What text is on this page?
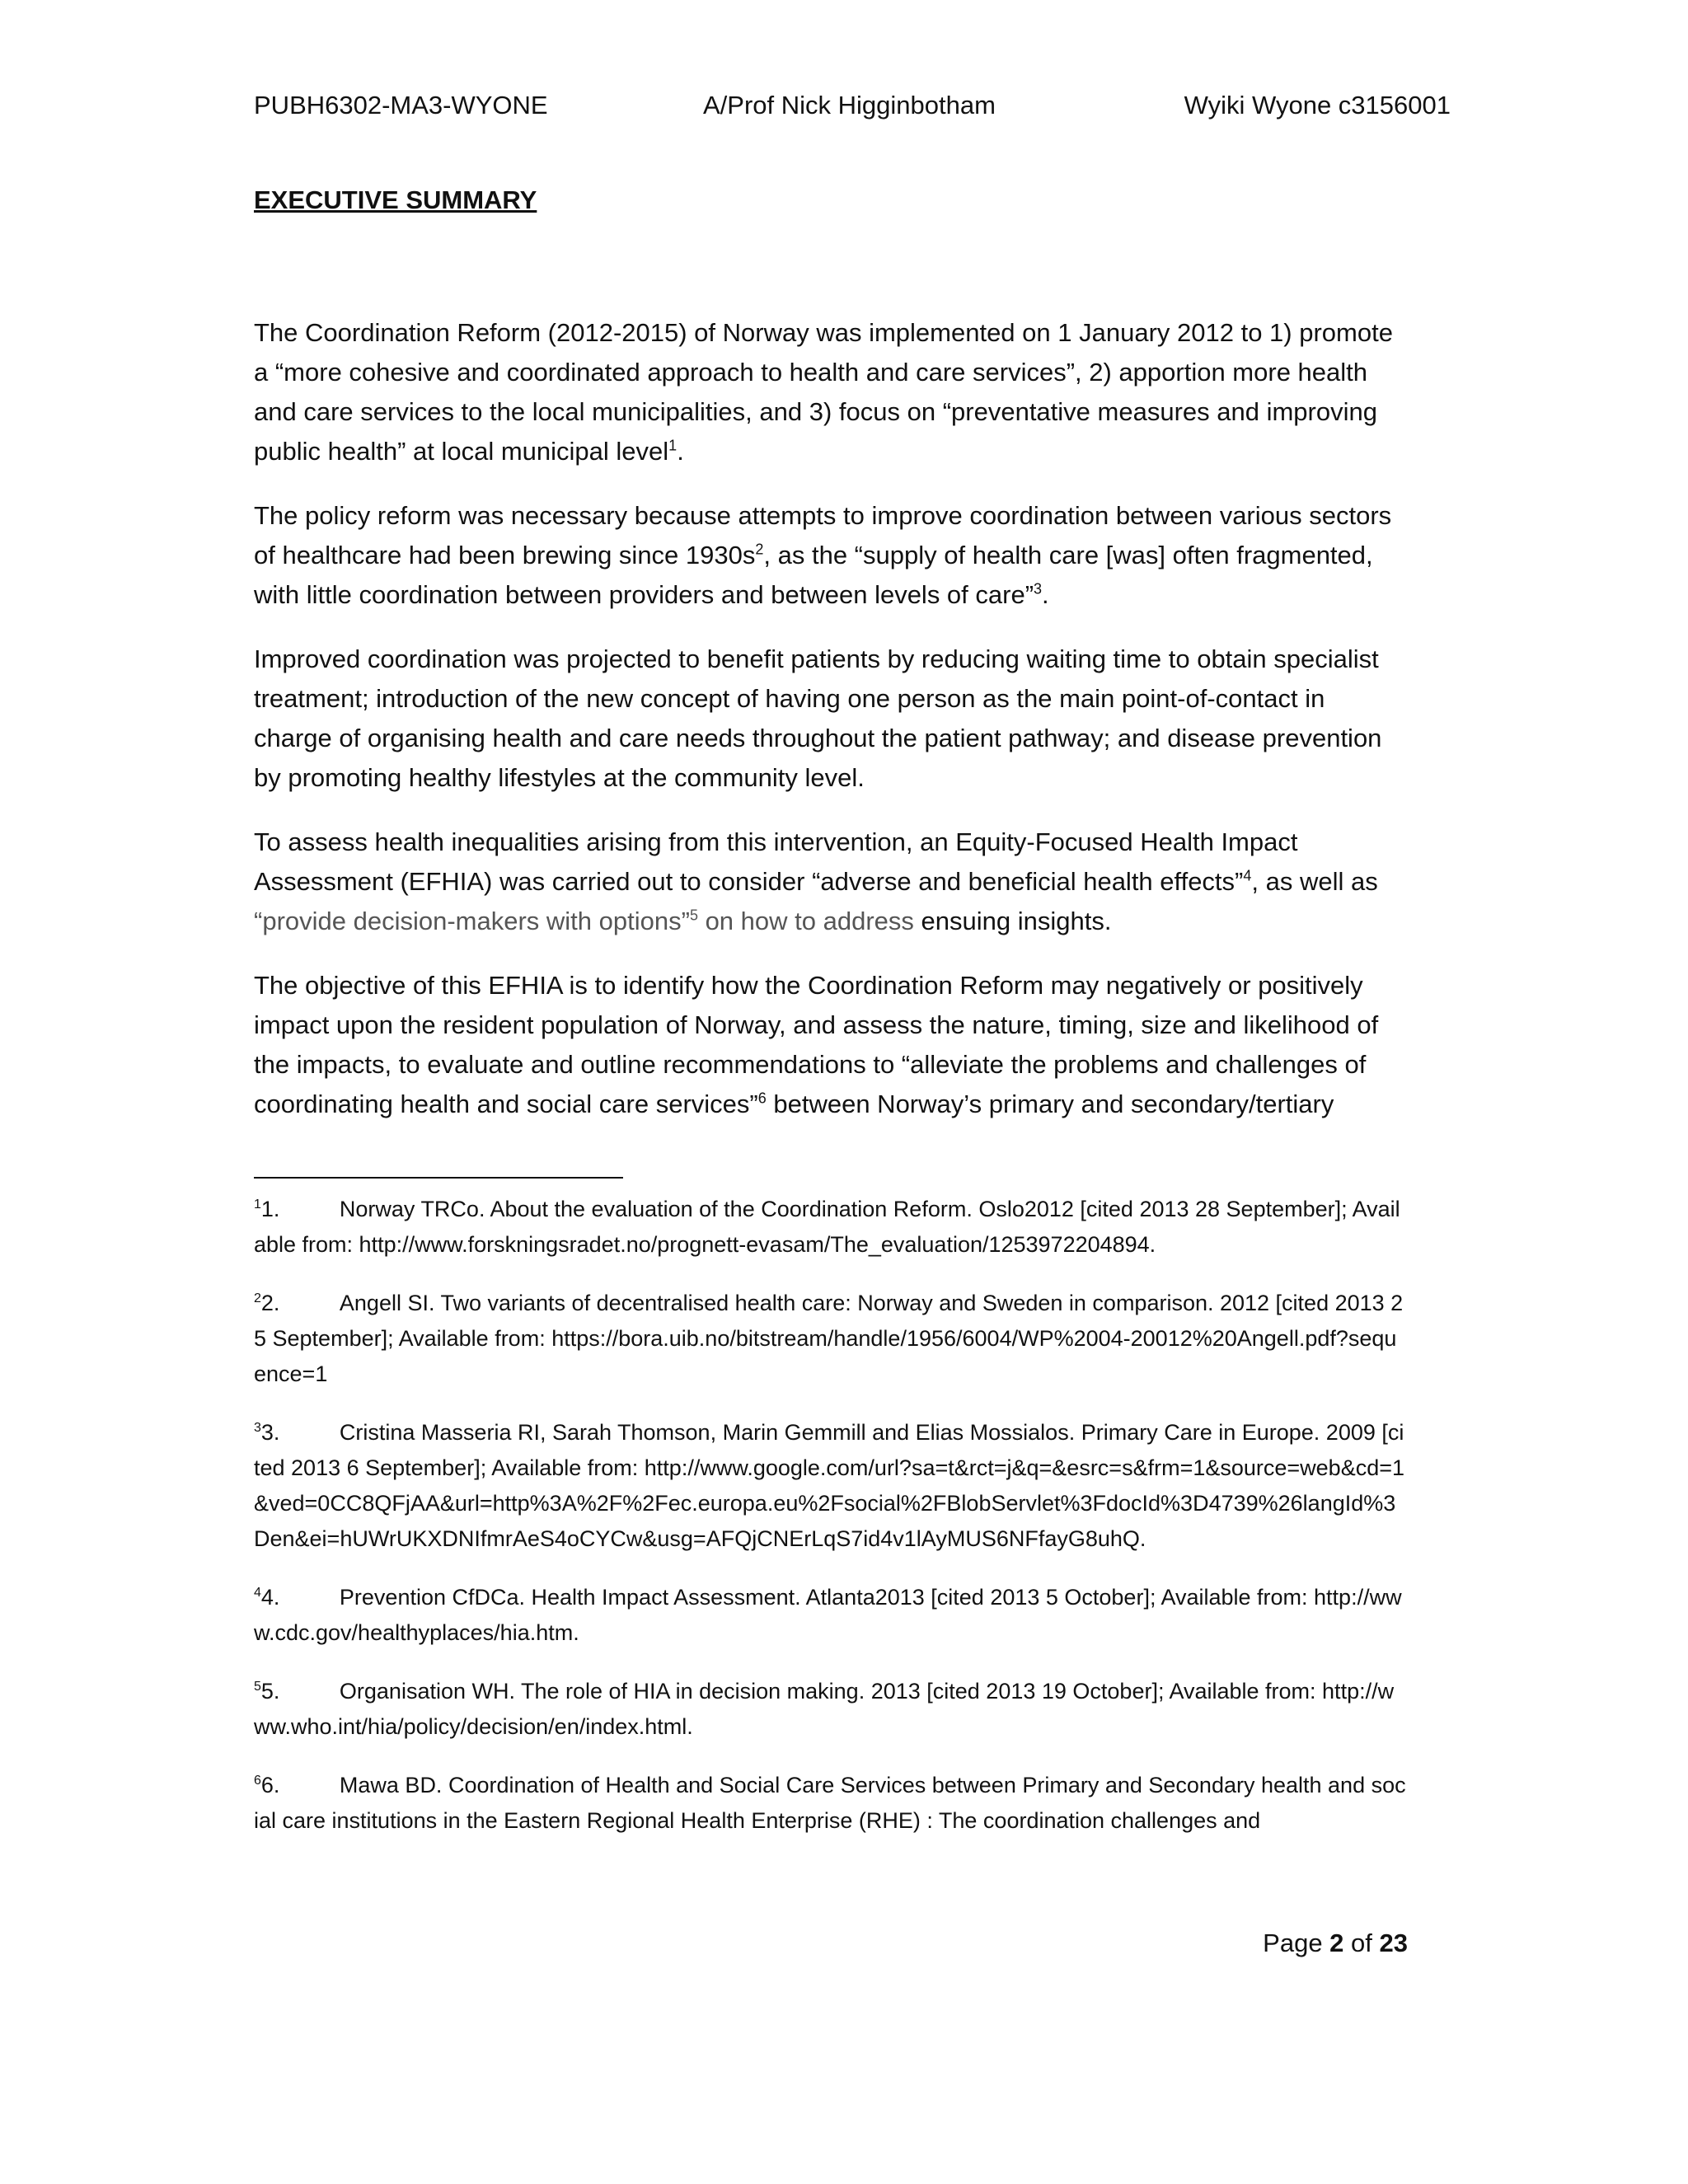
PUBH6302-MA3-WYONE	A/Prof Nick Higginbotham	Wyiki Wyone c3156001
EXECUTIVE SUMMARY

The Coordination Reform (2012-2015) of Norway was implemented on 1 January 2012 to 1) promote a “more cohesive and coordinated approach to health and care services”, 2) apportion more health and care services to the local municipalities, and 3) focus on “preventative measures and improving public health” at local municipal level$^1$.

The policy reform was necessary because attempts to improve coordination between various sectors of healthcare had been brewing since $1930s^2$, as the “supply of health care [was] often fragmented, with little coordination between providers and between levels of care”$^3$.

Improved coordination was projected to benefit patients by reducing waiting time to obtain specialist treatment; introduction of the new concept of having one person as the main point-of-contact in charge of organising health and care needs throughout the patient pathway; and disease prevention by promoting healthy lifestyles at the community level.

To assess health inequalities arising from this intervention, an Equity-Focused Health Impact Assessment (EFHIA) was carried out to consider “adverse and beneficial health effects”$^4$, as well as “provide decision-makers with options”$^5$ on how to address ensuing insights.

The objective of this EFHIA is to identify how the Coordination Reform may negatively or positively impact upon the resident population of Norway, and assess the nature, timing, size and likelihood of the impacts, to evaluate and outline recommendations to “alleviate the problems and challenges of coordinating health and social care services”$^6$ between Norway’s primary and secondary/tertiary

$^1$1.	Norway TRCo. About the evaluation of the Coordination Reform. Oslo2012 [cited 2013 28 September]; Available from: http://www.forskningsradet.no/prognett-evasam/The_evaluation/1253972204894.
$^2$2.	Angell SI. Two variants of decentralised health care: Norway and Sweden in comparison. 2012 [cited 2013 25 September]; Available from: https://bora.uib.no/bitstream/handle/1956/6004/WP%2004-20012%20Angell.pdf?sequence=1
$^3$3.	Cristina Masseria RI, Sarah Thomson, Marin Gemmill and Elias Mossialos. Primary Care in Europe. 2009 [cited 2013 6 September]; Available from: http://www.google.com/url?sa=t&rct=j&q=&esrc=s&frm=1&source=web&cd=1&ved=0CC8QFjAA&url=http%3A%2F%2Fec.europa.eu%2Fsocial%2FBlobServlet%3FdocId%3D4739%26langId%3Den&ei=hUWrUKXDNIfmrAeS4oCYCw&usg=AFQjCNErLqS7id4v1lAyMUS6NFfayG8uhQ.
$^4$4.	Prevention CfDCa. Health Impact Assessment. Atlanta2013 [cited 2013 5 October]; Available from: http://www.cdc.gov/healthyplaces/hia.htm.
$^5$5.	Organisation WH. The role of HIA in decision making. 2013 [cited 2013 19 October]; Available from: http://www.who.int/hia/policy/decision/en/index.html.
$^6$6.	Mawa BD. Coordination of Health and Social Care Services between Primary and Secondary health and social care institutions in the Eastern Regional Health Enterprise (RHE) : The coordination challenges and
Page 2 of 23
